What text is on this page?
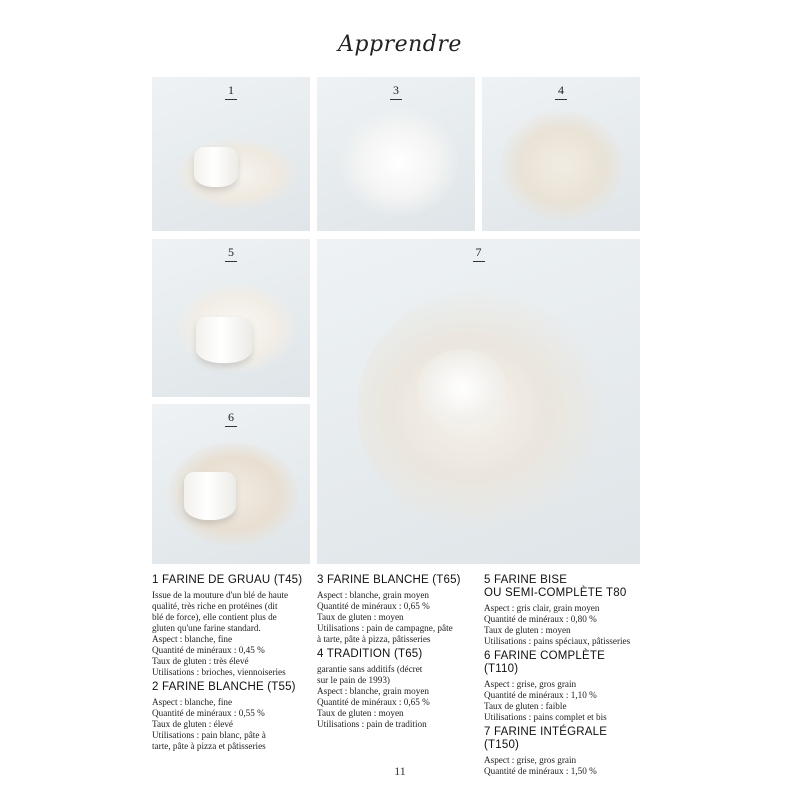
Apprendre
1	3	4
5	7
6
1 FARINE DE GRUAU (T45)

Issue de la mouture d'un blé de haute

qualité, très riche en protéines (dit

blé de force), elle contient plus de

gluten qu'une farine standard.

Aspect : blanche, fine

Quantité de minéraux : 0,45 %

Taux de gluten : très élevé

Utilisations : brioches, viennoiseries

2 FARINE BLANCHE (T55)

Aspect : blanche, fine

Quantité de minéraux : 0,55 %

Taux de gluten : élevé

Utilisations : pain blanc, pâte à

tarte, pâte à pizza et pâtisseries

3 FARINE BLANCHE (T65)

Aspect : blanche, grain moyen

Quantité de minéraux : 0,65 %

Taux de gluten : moyen

Utilisations : pain de campagne, pâte

à tarte, pâte à pizza, pâtisseries

4 TRADITION (T65)

garantie sans additifs (décret

sur le pain de 1993)

Aspect : blanche, grain moyen

Quantité de minéraux : 0,65 %

Taux de gluten : moyen

Utilisations : pain de tradition

5 FARINE BISE
OU SEMI-COMPLÈTE T80

Aspect : gris clair, grain moyen

Quantité de minéraux : 0,80 %

Taux de gluten : moyen

Utilisations : pains spéciaux, pâtisseries

6 FARINE COMPLÈTE (T110)

Aspect : grise, gros grain

Quantité de minéraux : 1,10 %

Taux de gluten : faible

Utilisations : pains complet et bis

7 FARINE INTÉGRALE (T150)

Aspect : grise, gros grain

Quantité de minéraux : 1,50 %

11
